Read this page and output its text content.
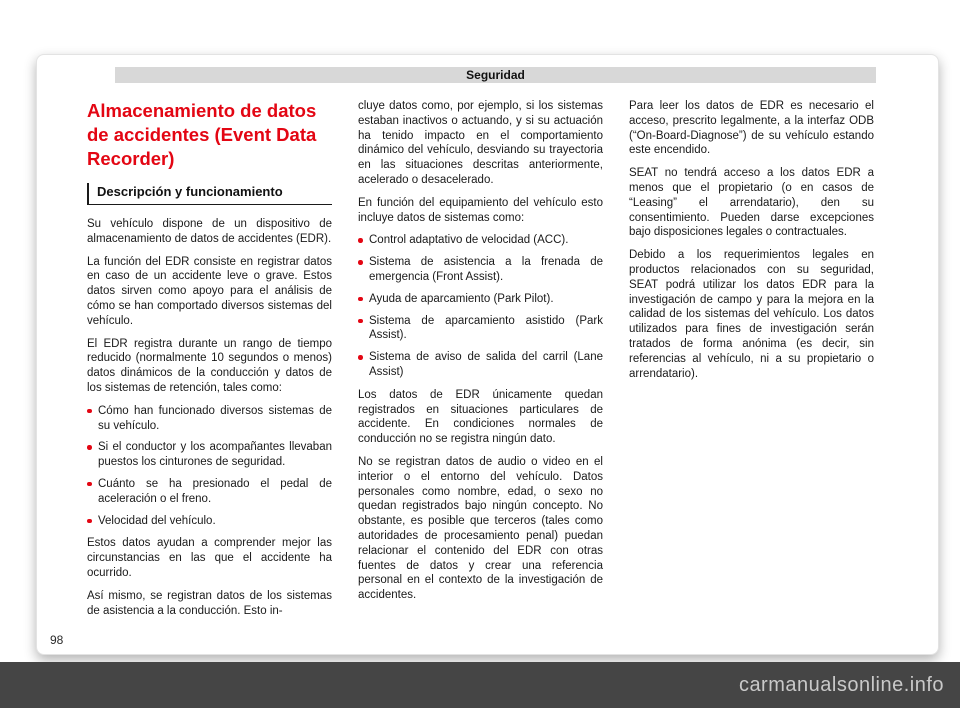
Seguridad
Almacenamiento de datos de accidentes (Event Data Recorder)
Descripción y funcionamiento

Su vehículo dispone de un dispositivo de almacenamiento de datos de accidentes (EDR).

La función del EDR consiste en registrar datos en caso de un accidente leve o grave. Estos datos sirven como apoyo para el análisis de cómo se han comportado diversos sistemas del vehículo.

El EDR registra durante un rango de tiempo reducido (normalmente 10 segundos o menos) datos dinámicos de la conducción y datos de los sistemas de retención, tales como:

Cómo han funcionado diversos sistemas de su vehículo.
Si el conductor y los acompañantes llevaban puestos los cinturones de seguridad.
Cuánto se ha presionado el pedal de aceleración o el freno.
Velocidad del vehículo.

Estos datos ayudan a comprender mejor las circunstancias en las que el accidente ha ocurrido.

Así mismo, se registran datos de los sistemas de asistencia a la conducción. Esto in-

cluye datos como, por ejemplo, si los sistemas estaban inactivos o actuando, y si su actuación ha tenido impacto en el comportamiento dinámico del vehículo, desviando su trayectoria en las situaciones descritas anteriormente, acelerado o desacelerado.

En función del equipamiento del vehículo esto incluye datos de sistemas como:

Control adaptativo de velocidad (ACC).
Sistema de asistencia a la frenada de emergencia (Front Assist).
Ayuda de aparcamiento (Park Pilot).
Sistema de aparcamiento asistido (Park Assist).
Sistema de aviso de salida del carril (Lane Assist)

Los datos de EDR únicamente quedan registrados en situaciones particulares de accidente. En condiciones normales de conducción no se registra ningún dato.

No se registran datos de audio o video en el interior o el entorno del vehículo. Datos personales como nombre, edad, o sexo no quedan registrados bajo ningún concepto. No obstante, es posible que terceros (tales como autoridades de procesamiento penal) puedan relacionar el contenido del EDR con otras fuentes de datos y crear una referencia personal en el contexto de la investigación de accidentes.

Para leer los datos de EDR es necesario el acceso, prescrito legalmente, a la interfaz ODB (“On-Board-Diagnose”) de su vehículo estando este encendido.

SEAT no tendrá acceso a los datos EDR a menos que el propietario (o en casos de “Leasing” el arrendatario), den su consentimiento. Pueden darse excepciones bajo disposiciones legales o contractuales.

Debido a los requerimientos legales en productos relacionados con su seguridad, SEAT podrá utilizar los datos EDR para la investigación de campo y para la mejora en la calidad de los sistemas del vehículo. Los datos utilizados para fines de investigación serán tratados de forma anónima (es decir, sin referencias al vehículo, ni a su propietario o arrendatario).

98
carmanualsonline.info
